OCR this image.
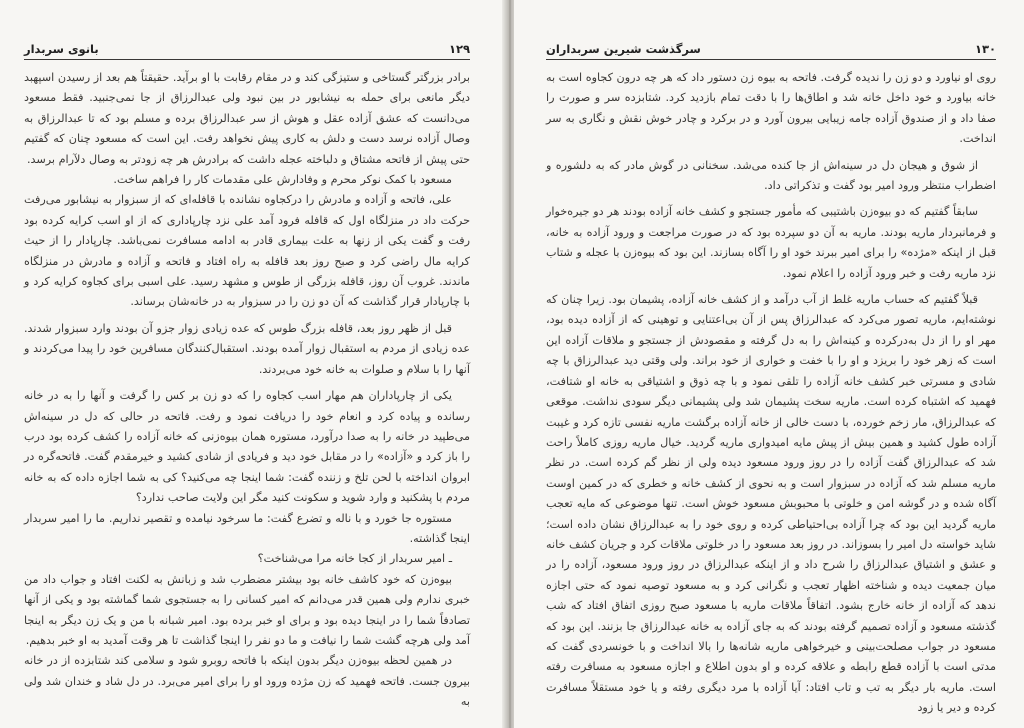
بانوی سربدار	۱۲۹

برادر بزرگتر گستاخی و ستیزگی کند و در مقام رقابت با او برآید. حقیقتاً هم بعد از رسیدن اسپهبد دیگر مانعی برای حمله به نیشابور در بین نبود ولی عبدالرزاق از جا نمی‌جنبید. فقط مسعود می‌دانست که عشق آزاده عقل و هوش از سر عبدالرزاق برده و مسلم بود که تا عبدالرزاق به وصال آزاده نرسد دست و دلش به کاری پیش نخواهد رفت. این است که مسعود چنان که گفتیم حتی پیش از فاتحه مشتاق و دلباخته عجله داشت که برادرش هر چه زودتر به وصال دلآرام برسد.

مسعود با کمک نوکر محرم و وفادارش علی مقدمات کار را فراهم ساخت.

علی، فاتحه و آزاده و مادرش را درکجاوه نشانده با قافله‌ای که از سبزوار به نیشابور می‌رفت حرکت داد در منزلگاه اول که قافله فرود آمد علی نزد چارپاداری که از او اسب کرایه کرده بود رفت و گفت یکی از زنها به علت بیماری قادر به ادامه مسافرت نمی‌باشد. چارپادار را از حیث کرایه مال راضی کرد و صبح روز بعد قافله به راه افتاد و فاتحه و آزاده و مادرش در منزلگاه ماندند. غروب آن روز، قافله بزرگی از طوس و مشهد رسید. علی اسبی برای کجاوه کرایه کرد و با چارپادار قرار گذاشت که آن دو زن را در سبزوار به در خانه‌شان برساند.

قبل از ظهر روز بعد، قافله بزرگ طوس که عده زیادی زوار جزو آن بودند وارد سبزوار شدند. عده زیادی از مردم به استقبال زوار آمده بودند. استقبال‌کنندگان مسافرین خود را پیدا می‌کردند و آنها را با سلام و صلوات به خانه خود می‌بردند.

یکی از چارپاداران هم مهار اسب کجاوه را که دو زن بر کس را گرفت و آنها را به در خانه رسانده و پیاده کرد و انعام خود را دریافت نمود و رفت. فاتحه در حالی که دل در سینه‌اش می‌طپید در خانه را به صدا درآورد، مستوره همان بیوه‌زنی که خانه آزاده را کشف کرده بود درب را باز کرد و «آزاده» را در مقابل خود دید و فریادی از شادی کشید و خیرمقدم گفت. فاتحه‌گره در ابروان انداخته با لحن تلخ و زننده گفت: شما اینجا چه می‌کنید؟ کی به شما اجازه داده که به خانه مردم با پشکنید و وارد شوید و سکونت کنید مگر این ولایت صاحب ندارد؟

مستوره جا خورد و با ناله و تضرع گفت: ما سرخود نیامده و تقصیر نداریم. ما را امیر سربدار اینجا گذاشته.

ـ امیر سربدار از کجا خانه مرا می‌شناخت؟

بیوه‌زن که خود کاشف خانه بود بیشتر مضطرب شد و زبانش به لکنت افتاد و جواب داد من خبری ندارم ولی همین قدر می‌دانم که امیر کسانی را به جستجوی شما گماشته بود و یکی از آنها تصادفاً شما را در اینجا دیده بود و برای او خبر برده بود. امیر شبانه با من و یک زن دیگر به اینجا آمد ولی هرچه گشت شما را نیافت و ما دو نفر را اینجا گذاشت تا هر وقت آمدید به او خبر بدهیم.

در همین لحظه بیوه‌زن دیگر بدون اینکه با فاتحه روبرو شود و سلامی کند شتابزده از در خانه بیرون جست. فاتحه فهمید که زن مژده ورود او را برای امیر می‌برد. در دل شاد و خندان شد ولی به

۱۳۰
سرگذشت شیرین سربداران

روی او نیاورد و دو زن را ندیده گرفت. فاتحه به بیوه زن دستور داد که هر چه درون کجاوه است به خانه بیاورد و خود داخل خانه شد و اطاق‌ها را با دقت تمام بازدید کرد. شتابزده سر و صورت را صفا داد و از صندوق آزاده جامه زیبایی بیرون آورد و در برکرد و چادر خوش نقش و نگاری به سر انداخت.

از شوق و هیجان دل در سینه‌اش از جا کنده می‌شد. سخنانی در گوش مادر که به دلشوره و اضطراب منتظر ورود امیر بود گفت و تذکراتی داد.

سابقاً گفتیم که دو بیوه‌زن باشتیبی که مأمور جستجو و کشف خانه آزاده بودند هر دو جیره‌خوار و فرمانبردار ماریه بودند. ماریه به آن دو سپرده بود که در صورت مراجعت و ورود آزاده به خانه، قبل از اینکه «مژده» را برای امیر ببرند خود او را آگاه بسازند. این بود که بیوه‌زن با عجله و شتاب نزد ماریه رفت و خبر ورود آزاده را اعلام نمود.

قبلاً گفتیم که حساب ماریه غلط از آب درآمد و از کشف خانه آزاده، پشیمان بود. زیرا چنان که نوشته‌ایم، ماریه تصور می‌کرد که عبدالرزاق پس از آن بی‌اعتنایی و توهینی که از آزاده دیده بود، مهر او را از دل به‌درکرده و کینه‌اش را به دل گرفته و مقصودش از جستجو و ملاقات آزاده این است که زهر خود را بریزد و او را با خفت و خواری از خود براند. ولی وقتی دید عبدالرزاق با چه شادی و مسرتی خبر کشف خانه آزاده را تلقی نمود و با چه ذوق و اشتیاقی به خانه او شتافت، فهمید که اشتباه کرده است. ماریه سخت پشیمان شد ولی پشیمانی دیگر سودی نداشت. موقعی که عبدالرزاق، مار زخم خورده، با دست خالی از خانه آزاده برگشت ماریه نفسی تازه کرد و غیبت آزاده طول کشید و همین بیش از پیش مایه امیدواری ماریه گردید. خیال ماریه روزی کاملاً راحت شد که عبدالرزاق گفت آزاده را در روز ورود مسعود دیده ولی از نظر گم کرده است. در نظر ماریه مسلم شد که آزاده در سبزوار است و به نحوی از کشف خانه و خطری که در کمین اوست آگاه شده و در گوشه امن و خلوتی با محبوبش مسعود خوش است. تنها موضوعی که مایه تعجب ماریه گردید این بود که چرا آزاده بی‌احتیاطی کرده و روی خود را به عبدالرزاق نشان داده است؛ شاید خواسته دل امیر را بسوزاند. در روز بعد مسعود را در خلوتی ملاقات کرد و جریان کشف خانه و عشق و اشتیاق عبدالرزاق را شرح داد و از اینکه عبدالرزاق در روز ورود مسعود، آزاده را در میان جمعیت دیده و شناخته اظهار تعجب و نگرانی کرد و به مسعود توصیه نمود که حتی اجازه ندهد که آزاده از خانه خارج بشود. اتفاقاً ملاقات ماریه با مسعود صبح روزی اتفاق افتاد که شب گذشته مسعود و آزاده تصمیم گرفته بودند که به جای آزاده به خانه عبدالرزاق جا بزنند. این بود که مسعود در جواب مصلحت‌بینی و خیرخواهی ماریه شانه‌ها را بالا انداخت و با خونسردی گفت که مدتی است با آزاده قطع رابطه و علاقه کرده و او بدون اطلاع و اجازه مسعود به مسافرت رفته است. ماریه بار دیگر به تب و تاب افتاد: آیا آزاده با مرد دیگری رفته و یا خود مستقلاً مسافرت کرده و دیر یا زود
